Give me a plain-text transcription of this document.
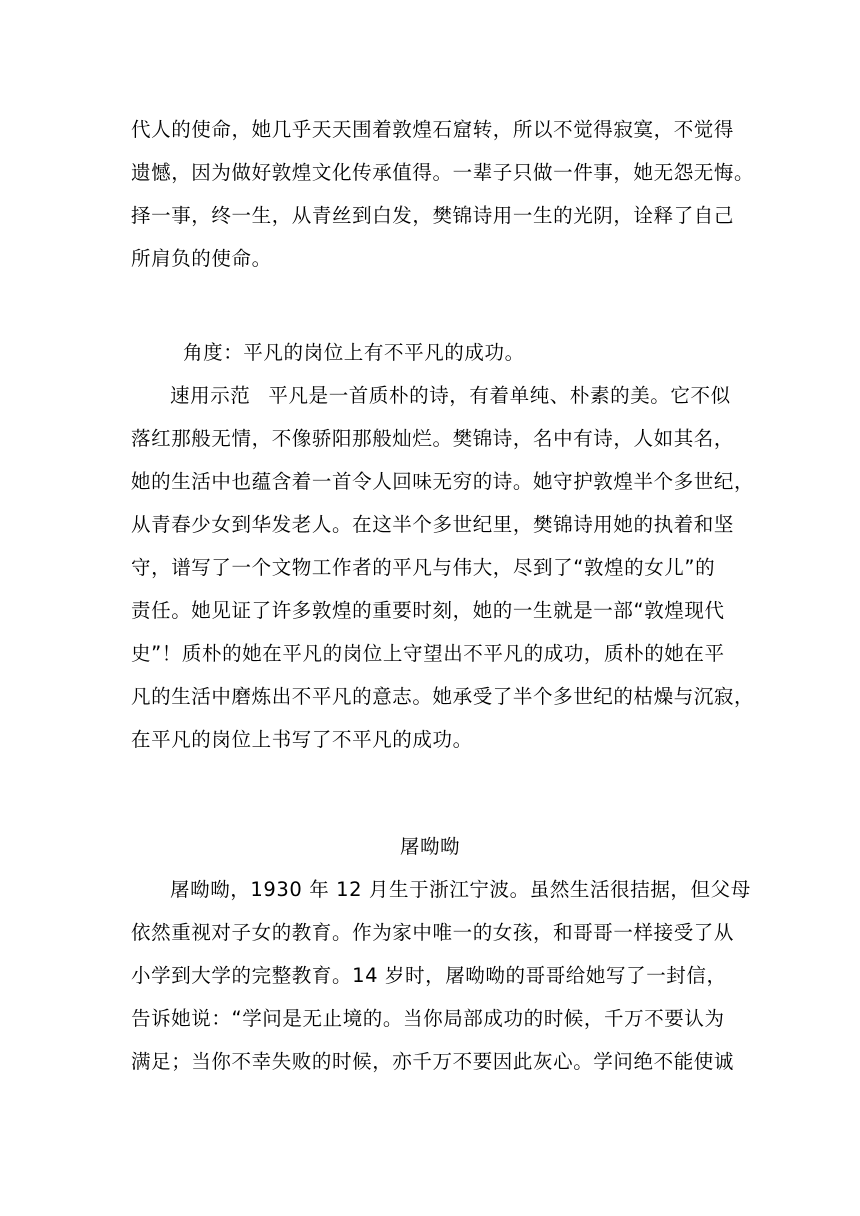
代人的使命，她几乎天天围着敦煌石窟转，所以不觉得寂寞，不觉得
遗憾，因为做好敦煌文化传承值得。一辈子只做一件事，她无怨无悔。
择一事，终一生，从青丝到白发，樊锦诗用一生的光阴，诠释了自己
所肩负的使命。
角度：平凡的岗位上有不平凡的成功。
速用示范 平凡是一首质朴的诗，有着单纯、朴素的美。它不似
落红那般无情，不像骄阳那般灿烂。樊锦诗，名中有诗，人如其名，
她的生活中也蕴含着一首令人回味无穷的诗。她守护敦煌半个多世纪，
从青春少女到华发老人。在这半个多世纪里，樊锦诗用她的执着和坚
守，谱写了一个文物工作者的平凡与伟大，尽到了“敦煌的女儿”的
责任。她见证了许多敦煌的重要时刻，她的一生就是一部“敦煌现代
史”！质朴的她在平凡的岗位上守望出不平凡的成功，质朴的她在平
凡的生活中磨炼出不平凡的意志。她承受了半个多世纪的枯燥与沉寂，
在平凡的岗位上书写了不平凡的成功。
屠呦呦
屠呦呦，1930 年 12 月生于浙江宁波。虽然生活很拮据，但父母
依然重视对子女的教育。作为家中唯一的女孩，和哥哥一样接受了从
小学到大学的完整教育。14 岁时，屠呦呦的哥哥给她写了一封信，
告诉她说：“学问是无止境的。当你局部成功的时候，千万不要认为
满足；当你不幸失败的时候，亦千万不要因此灰心。学问绝不能使诚
